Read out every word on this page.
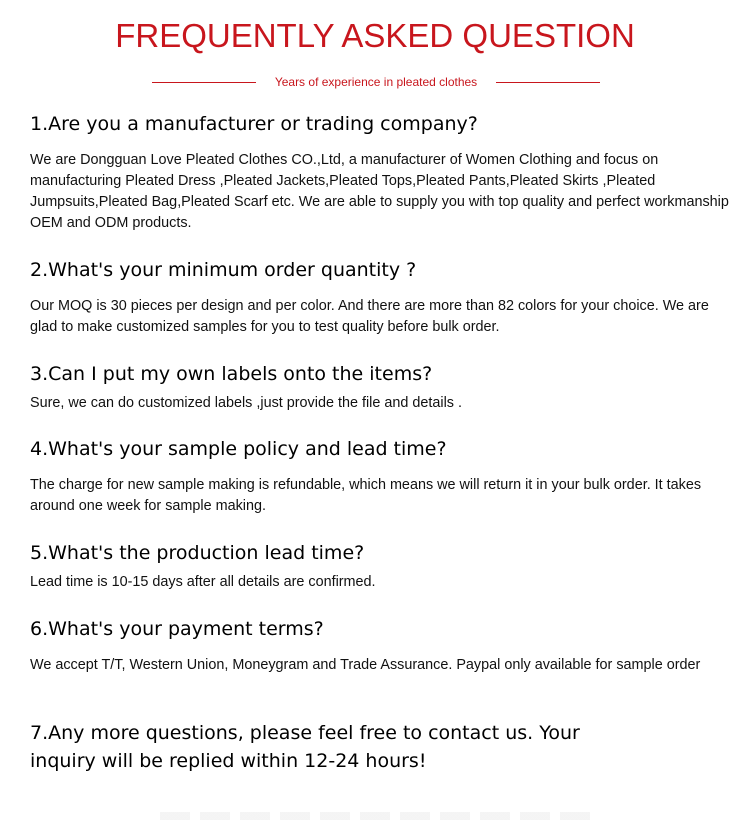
FREQUENTLY ASKED QUESTION
Years of experience in pleated clothes
1.Are you a manufacturer or trading company?
We are Dongguan Love Pleated Clothes CO.,Ltd, a manufacturer of Women Clothing and focus on manufacturing Pleated Dress ,Pleated Jackets,Pleated Tops,Pleated Pants,Pleated Skirts ,Pleated Jumpsuits,Pleated Bag,Pleated Scarf etc. We are able to supply you with top quality and perfect workmanship OEM and ODM products.
2.What's your minimum order quantity ?
Our MOQ is 30 pieces per design and per color. And there are more than 82 colors for your choice. We are glad to make customized samples for you to test quality before bulk order.
3.Can I put my own labels onto the items?
Sure, we can do customized labels ,just provide the file and details .
4.What's your sample policy and lead time?
The charge for new sample making is refundable, which means we will return it in your bulk order. It takes around one week for sample making.
5.What's the production lead time?
Lead time is 10-15 days after all details are confirmed.
6.What's your payment terms?
We accept T/T, Western Union, Moneygram and Trade Assurance. Paypal only available for sample order
7.Any more questions, please feel free to contact us. Your inquiry will be replied within 12-24 hours!
